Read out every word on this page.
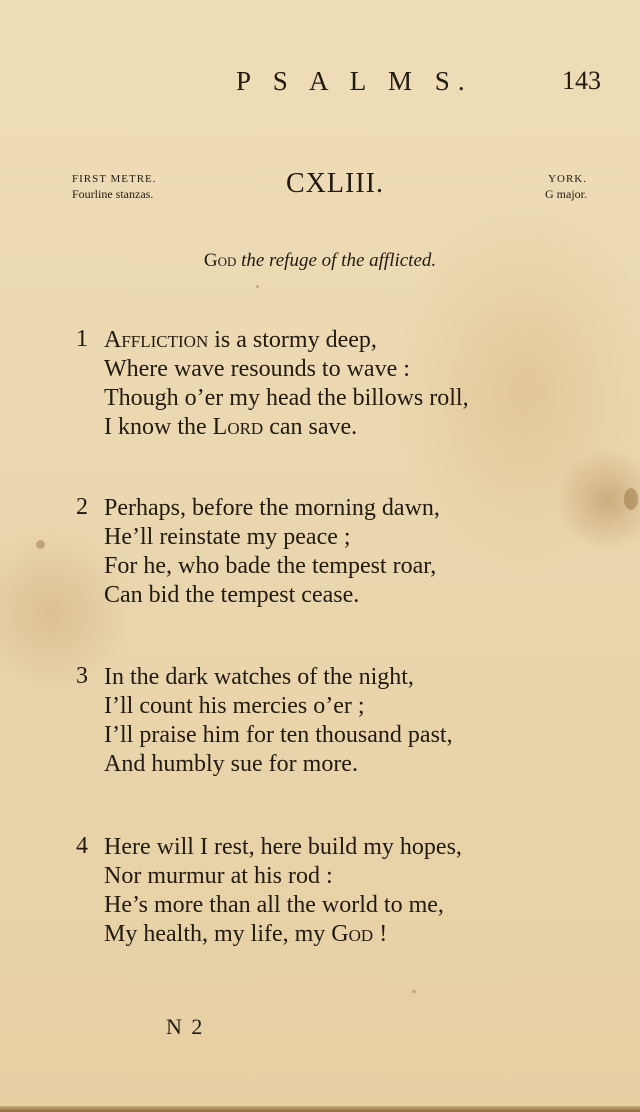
P S A L M S.	143
FIRST METRE.
Fourline stanzas.	CXLIII.	YORK.
G major.

God the refuge of the afflicted.

1 Affliction is a stormy deep,
Where wave resounds to wave :
Though o’er my head the billows roll,
I know the Lord can save.
2 Perhaps, before the morning dawn,
He’ll reinstate my peace ;
For he, who bade the tempest roar,
Can bid the tempest cease.
3 In the dark watches of the night,
I’ll count his mercies o’er ;
I’ll praise him for ten thousand past,
And humbly sue for more.
4 Here will I rest, here build my hopes,
Nor murmur at his rod :
He’s more than all the world to me,
My health, my life, my God !
N 2
